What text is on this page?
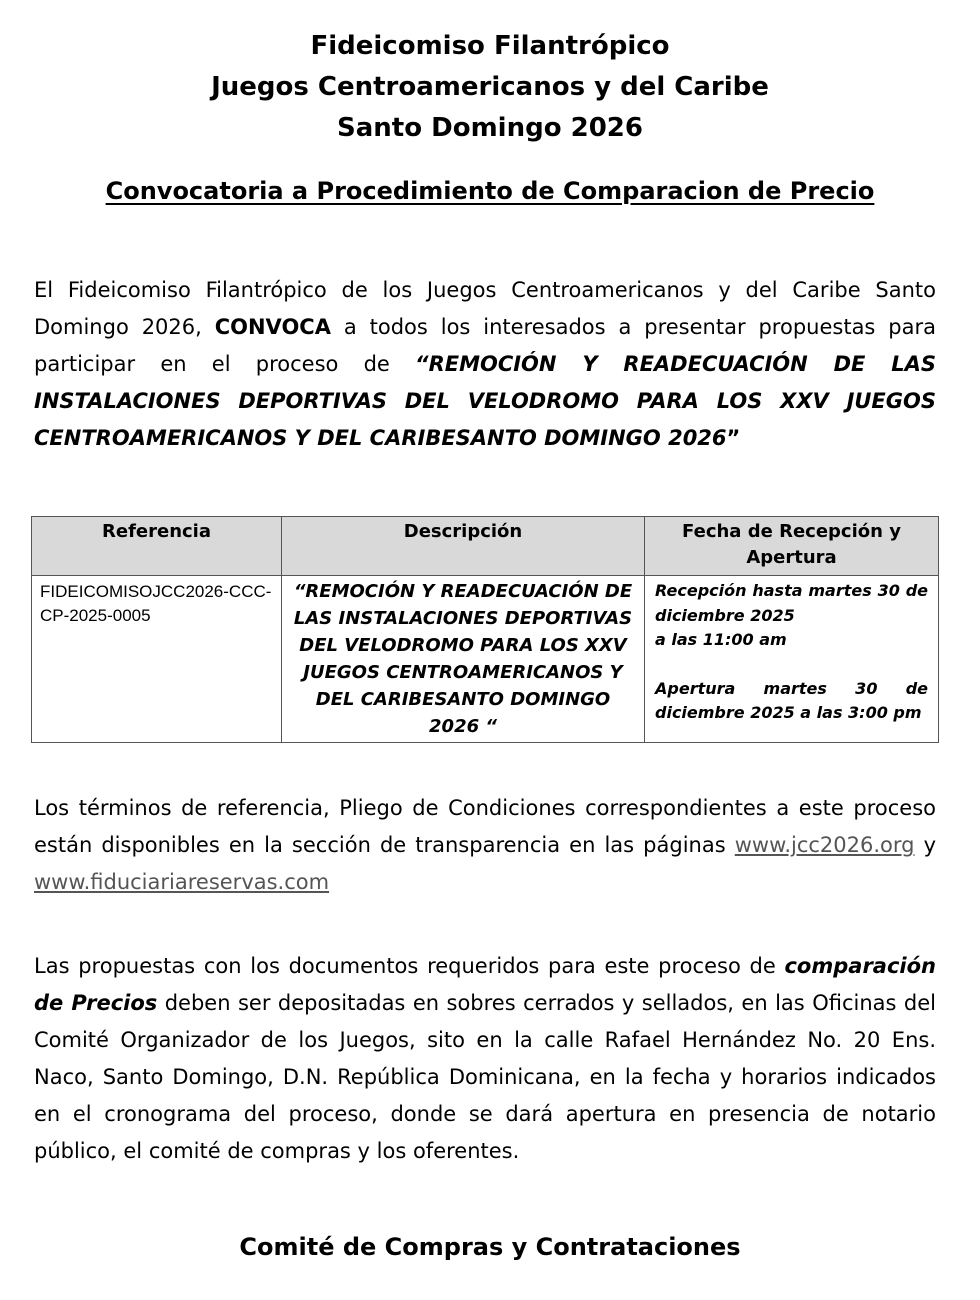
Fideicomiso Filantrópico
Juegos Centroamericanos y del Caribe
Santo Domingo 2026
Convocatoria a Procedimiento de Comparacion de Precio

El Fideicomiso Filantrópico de los Juegos Centroamericanos y del Caribe Santo Domingo 2026, CONVOCA a todos los interesados a presentar propuestas para participar en el proceso de “REMOCIÓN Y READECUACIÓN DE LAS INSTALACIONES DEPORTIVAS DEL VELODROMO PARA LOS XXV JUEGOS CENTROAMERICANOS Y DEL CARIBESANTO DOMINGO 2026”

Referencia	Descripción	Fecha de Recepción y Apertura
FIDEICOMISOJCC2026-CCC-CP-2025-0005	“REMOCIÓN Y READECUACIÓN DE LAS INSTALACIONES DEPORTIVAS DEL VELODROMO PARA LOS XXV JUEGOS CENTROAMERICANOS Y DEL CARIBESANTO DOMINGO 2026 “	Recepción hasta martes 30 de diciembre 2025
a las 11:00 am
Apertura martes 30 de diciembre 2025 a las 3:00 pm

Los términos de referencia, Pliego de Condiciones correspondientes a este proceso están disponibles en la sección de transparencia en las páginas www.jcc2026.org y www.fiduciariareservas.com

Las propuestas con los documentos requeridos para este proceso de comparación de Precios deben ser depositadas en sobres cerrados y sellados, en las Oficinas del Comité Organizador de los Juegos, sito en la calle Rafael Hernández No. 20 Ens. Naco, Santo Domingo, D.N. República Dominicana, en la fecha y horarios indicados en el cronograma del proceso, donde se dará apertura en presencia de notario público, el comité de compras y los oferentes.

Comité de Compras y Contrataciones
